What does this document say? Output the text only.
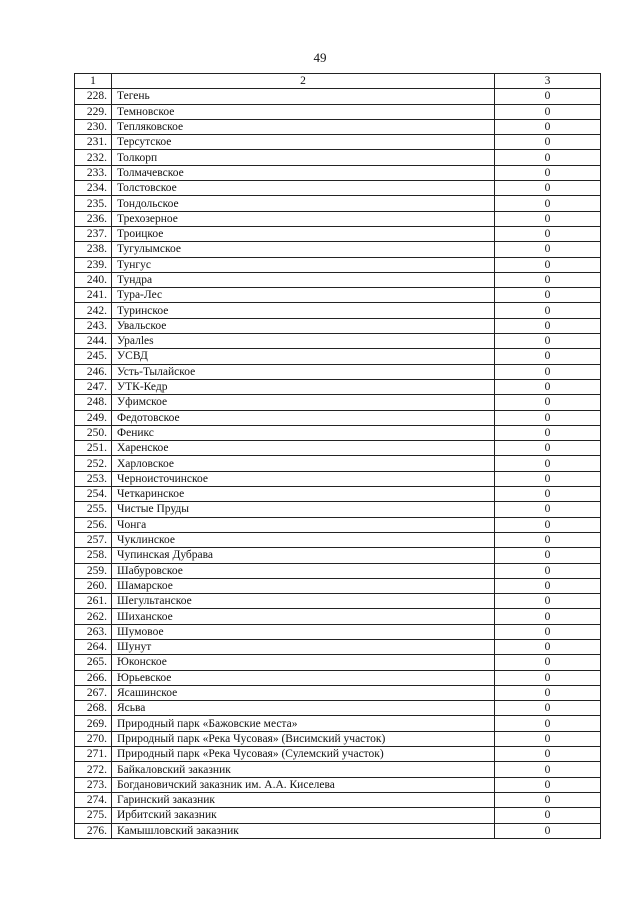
49
1	2	3
228.	Тегень	0
229.	Темновское	0
230.	Тепляковское	0
231.	Терсутское	0
232.	Толкорп	0
233.	Толмачевское	0
234.	Толстовское	0
235.	Тондольское	0
236.	Трехозерное	0
237.	Троицкое	0
238.	Тугулымское	0
239.	Тунгус	0
240.	Тундра	0
241.	Тура-Лес	0
242.	Туринское	0
243.	Увальское	0
244.	Уралles	0
245.	УСВД	0
246.	Усть-Тылайское	0
247.	УТК-Кедр	0
248.	Уфимское	0
249.	Федотовское	0
250.	Феникс	0
251.	Харенское	0
252.	Харловское	0
253.	Черноисточинское	0
254.	Четкаринское	0
255.	Чистые Пруды	0
256.	Чонга	0
257.	Чуклинское	0
258.	Чупинская Дубрава	0
259.	Шабуровское	0
260.	Шамарское	0
261.	Шегультанское	0
262.	Шиханское	0
263.	Шумовое	0
264.	Шунут	0
265.	Юконское	0
266.	Юрьевское	0
267.	Ясашинское	0
268.	Ясьва	0
269.	Природный парк «Бажовские места»	0
270.	Природный парк «Река Чусовая» (Висимский участок)	0
271.	Природный парк «Река Чусовая» (Сулемский участок)	0
272.	Байкаловский заказник	0
273.	Богдановичский заказник им. А.А. Киселева	0
274.	Гаринский заказник	0
275.	Ирбитский заказник	0
276.	Камышловский заказник	0
